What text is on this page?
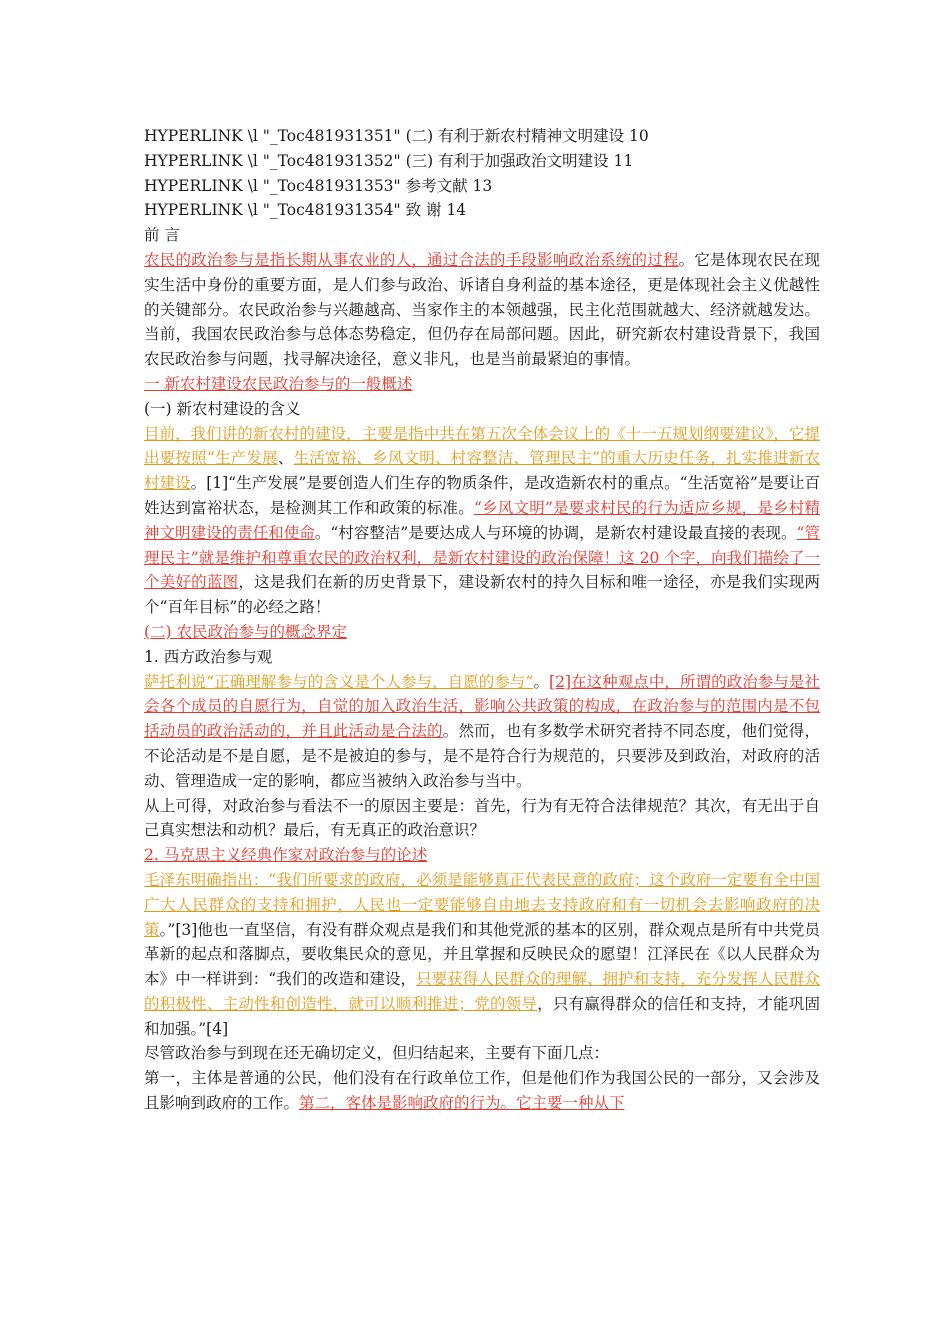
HYPERLINK \l "_Toc481931351" (二) 有利于新农村精神文明建设 10
HYPERLINK \l "_Toc481931352" (三) 有利于加强政治文明建设 11
HYPERLINK \l "_Toc481931353" 参考文献 13
HYPERLINK \l "_Toc481931354" 致 谢 14
前 言
农民的政治参与是指长期从事农业的人，通过合法的手段影响政治系统的过程。它是体现农民在现实生活中身份的重要方面，是人们参与政治、诉诸自身利益的基本途径，更是体现社会主义优越性的关键部分。农民政治参与兴趣越高、当家作主的本领越强，民主化范围就越大、经济就越发达。当前，我国农民政治参与总体态势稳定，但仍存在局部问题。因此，研究新农村建设背景下，我国农民政治参与问题，找寻解决途径，意义非凡，也是当前最紧迫的事情。
一 新农村建设农民政治参与的一般概述
(一) 新农村建设的含义
目前，我们讲的新农村的建设，主要是指中共在第五次全体会议上的《十一五规划纲要建议》，它提出要按照“生产发展、生活宽裕、乡风文明、村容整洁、管理民主”的重大历史任务，扎实推进新农村建设。[1]“生产发展”是要创造人们生存的物质条件，是改造新农村的重点。“生活宽裕”是要让百姓达到富裕状态，是检测其工作和政策的标准。“乡风文明”是要求村民的行为适应乡规，是乡村精神文明建设的责任和使命。“村容整洁”是要达成人与环境的协调，是新农村建设最直接的表现。“管理民主”就是维护和尊重农民的政治权利，是新农村建设的政治保障！这 20 个字，向我们描绘了一个美好的蓝图，这是我们在新的历史背景下，建设新农村的持久目标和唯一途径，亦是我们实现两个“百年目标”的必经之路！
(二) 农民政治参与的概念界定
1. 西方政治参与观
萨托利说“正确理解参与的含义是个人参与，自愿的参与”。[2]在这种观点中，所谓的政治参与是社会各个成员的自愿行为，自觉的加入政治生活，影响公共政策的构成，在政治参与的范围内是不包括动员的政治活动的，并且此活动是合法的。然而，也有多数学术研究者持不同态度，他们觉得，不论活动是不是自愿，是不是被迫的参与，是不是符合行为规范的，只要涉及到政治，对政府的活动、管理造成一定的影响，都应当被纳入政治参与当中。
从上可得，对政治参与看法不一的原因主要是：首先，行为有无符合法律规范？其次，有无出于自己真实想法和动机？最后，有无真正的政治意识？
2. 马克思主义经典作家对政治参与的论述
毛泽东明确指出：“我们所要求的政府，必须是能够真正代表民意的政府；这个政府一定要有全中国广大人民群众的支持和拥护，人民也一定要能够自由地去支持政府和有一切机会去影响政府的决策。”[3]他也一直坚信，有没有群众观点是我们和其他党派的基本的区别，群众观点是所有中共党员革新的起点和落脚点，要收集民众的意见，并且掌握和反映民众的愿望！江泽民在《以人民群众为本》中一样讲到：“我们的改造和建设，只要获得人民群众的理解、拥护和支持，充分发挥人民群众的积极性、主动性和创造性，就可以顺利推进；党的领导，只有赢得群众的信任和支持，才能巩固和加强。”[4]
尽管政治参与到现在还无确切定义，但归结起来，主要有下面几点：
第一，主体是普通的公民，他们没有在行政单位工作，但是他们作为我国公民的一部分，又会涉及且影响到政府的工作。第二，客体是影响政府的行为。它主要一种从下
